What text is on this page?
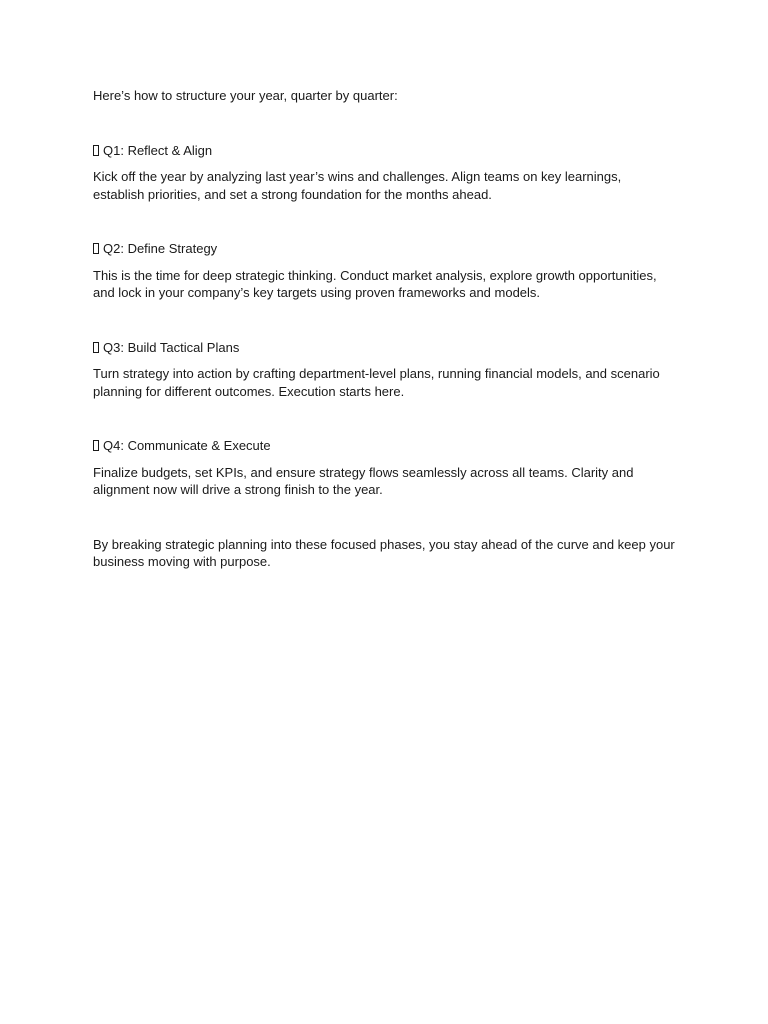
Here’s how to structure your year, quarter by quarter:

Q1: Reflect & Align

Kick off the year by analyzing last year’s wins and challenges. Align teams on key learnings, establish priorities, and set a strong foundation for the months ahead.

Q2: Define Strategy

This is the time for deep strategic thinking. Conduct market analysis, explore growth opportunities, and lock in your company’s key targets using proven frameworks and models.

Q3: Build Tactical Plans

Turn strategy into action by crafting department-level plans, running financial models, and scenario planning for different outcomes. Execution starts here.

Q4: Communicate & Execute

Finalize budgets, set KPIs, and ensure strategy flows seamlessly across all teams. Clarity and alignment now will drive a strong finish to the year.

By breaking strategic planning into these focused phases, you stay ahead of the curve and keep your business moving with purpose.
